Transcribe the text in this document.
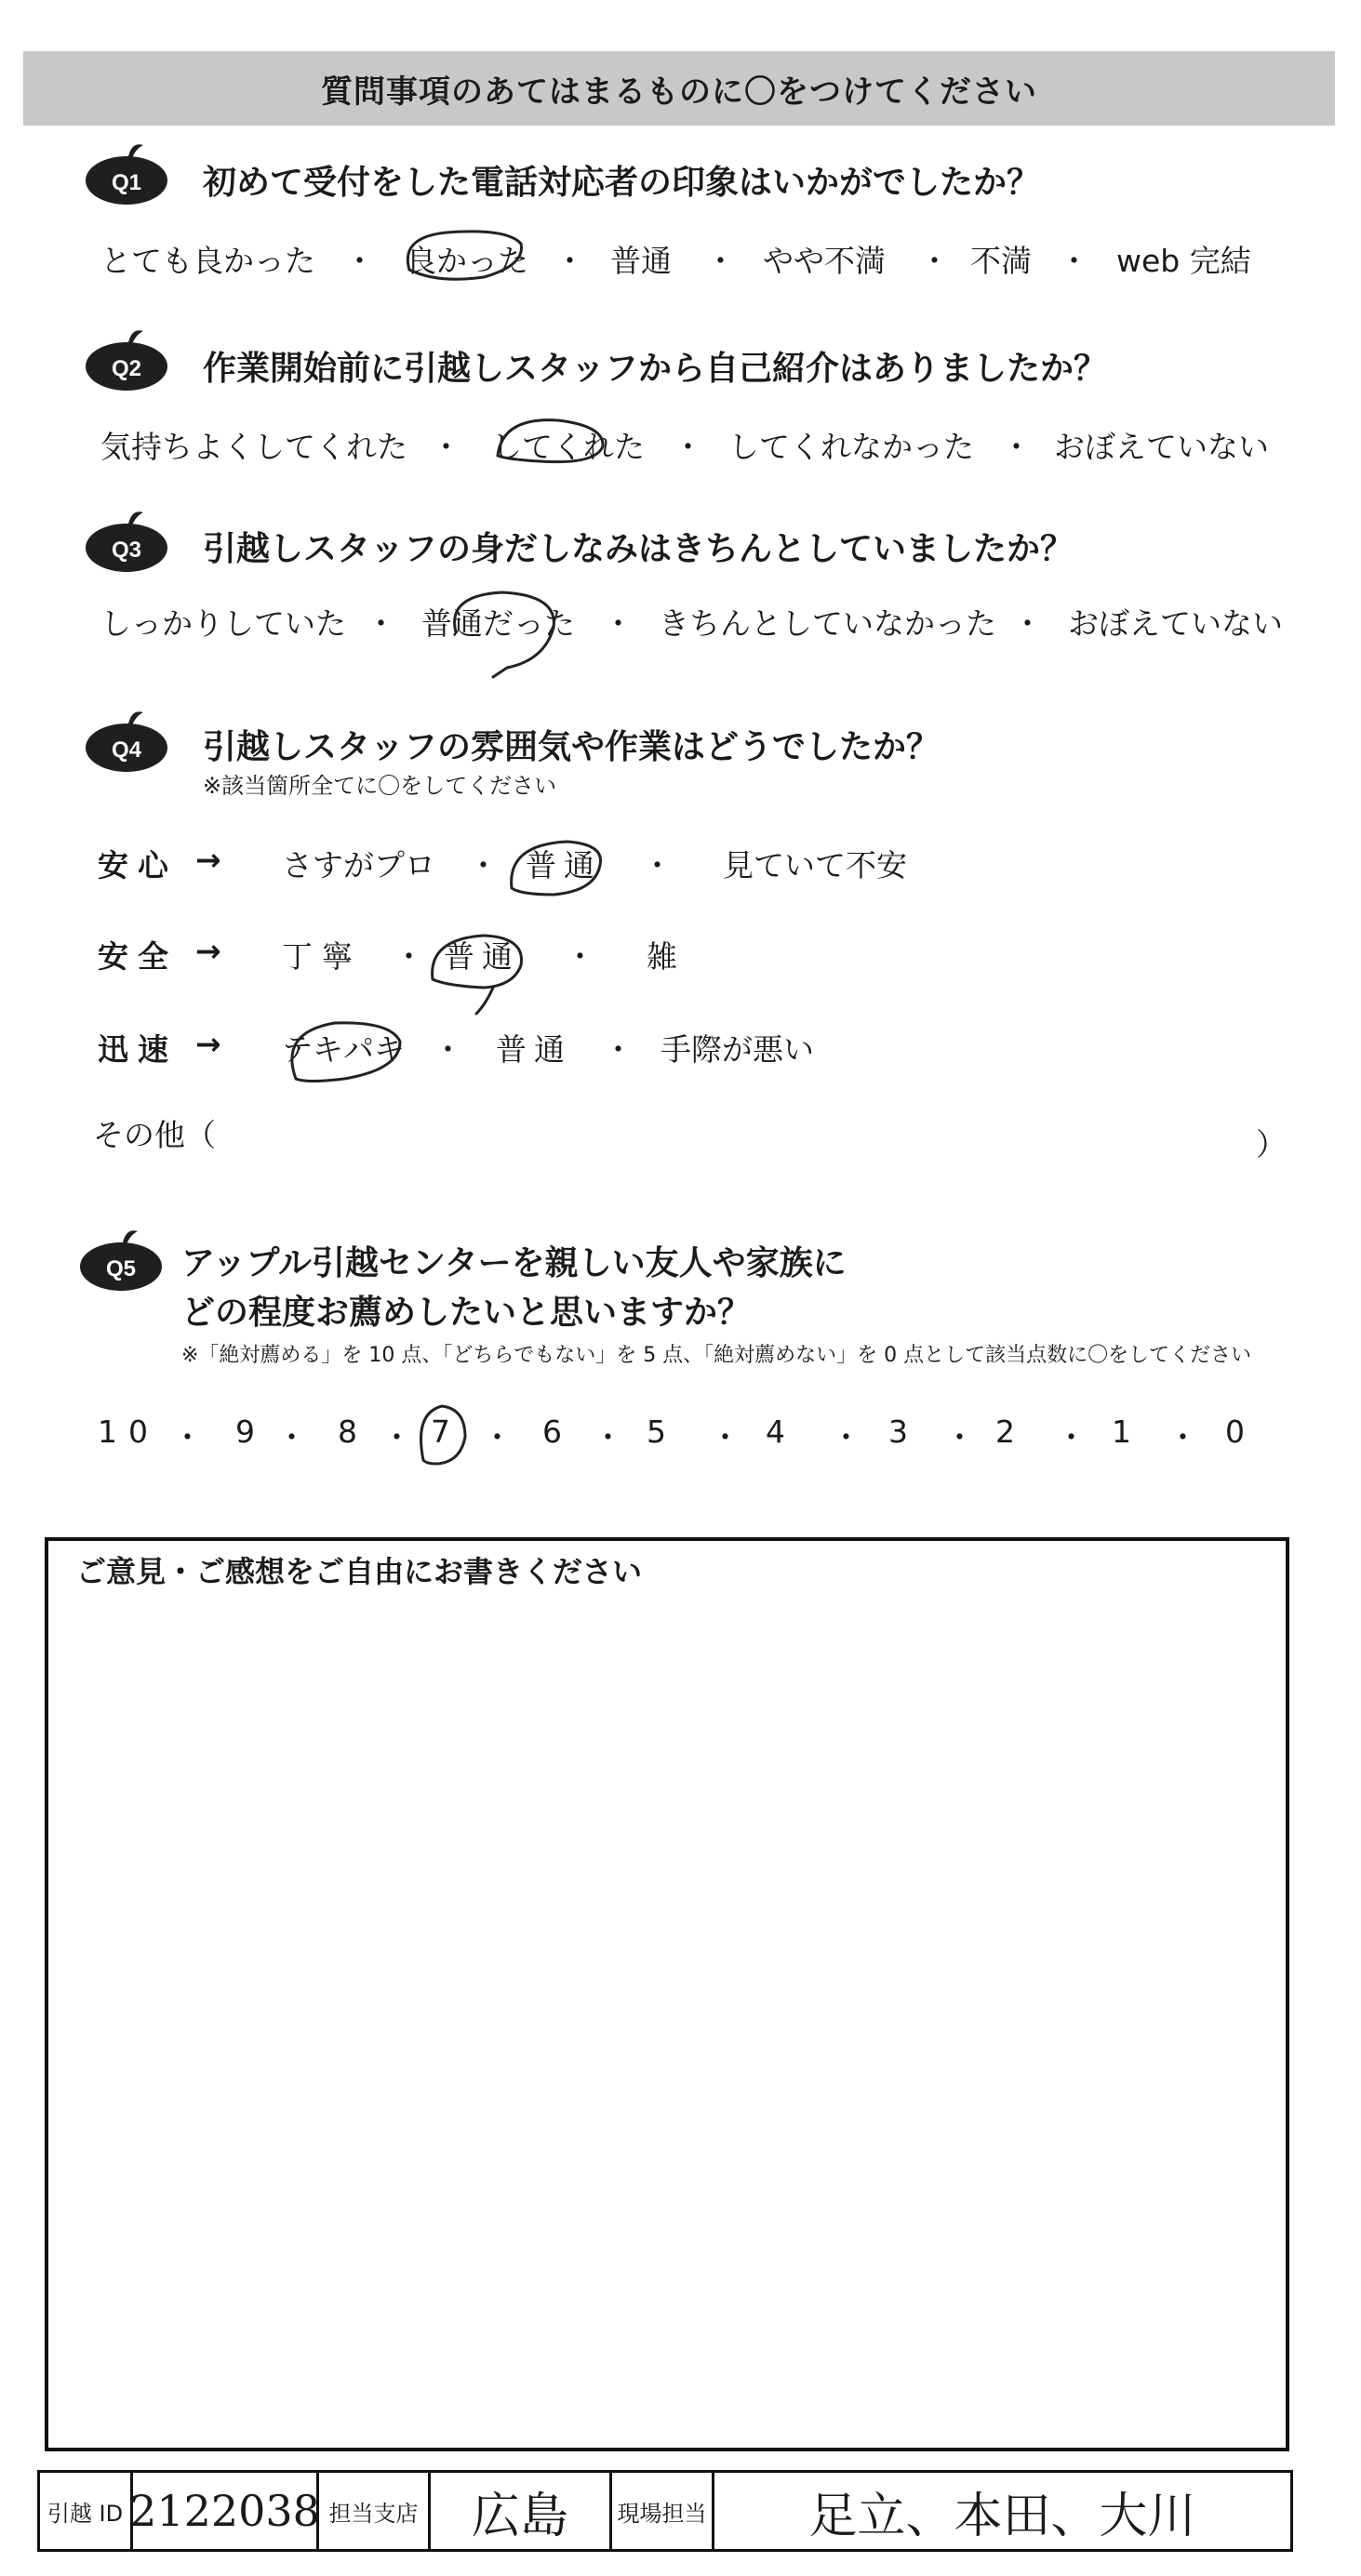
質問事項のあてはまるものに〇をつけてください
Q1 初めて受付をした電話対応者の印象はいかがでしたか？
とても良かった ・ 良かった ・ 普通 ・ やや不満 ・ 不満 ・ web 完結
Q2 作業開始前に引越しスタッフから自己紹介はありましたか？
気持ちよくしてくれた ・ してくれた ・ してくれなかった ・ おぼえていない
Q3 引越しスタッフの身だしなみはきちんとしていましたか？
しっかりしていた ・ 普通だった ・ きちんとしていなかった ・ おぼえていない
Q4 引越しスタッフの雰囲気や作業はどうでしたか？
※該当箇所全てに〇をしてください
安心 → さすがプロ ・ 普通 ・ 見ていて不安
安全 → 丁寧 ・ 普通 ・ 雑
迅速 → テキパキ ・ 普通 ・ 手際が悪い
その他（	）
Q5 アップル引越センターを親しい友人や家族に
どの程度お薦めしたいと思いますか？
※「絶対薦める」を 10 点、「どちらでもない」を 5 点、「絶対薦めない」を 0 点として該当点数に〇をしてください
10 ・ 9 ・ 8 ・ 7 ・ 6 ・ 5 ・ 4 ・ 3 ・ 2 ・ 1 ・ 0
ご意見・ご感想をご自由にお書きください
引越 ID 2122038 担当支店 広島 現場担当 足立、本田、大川
